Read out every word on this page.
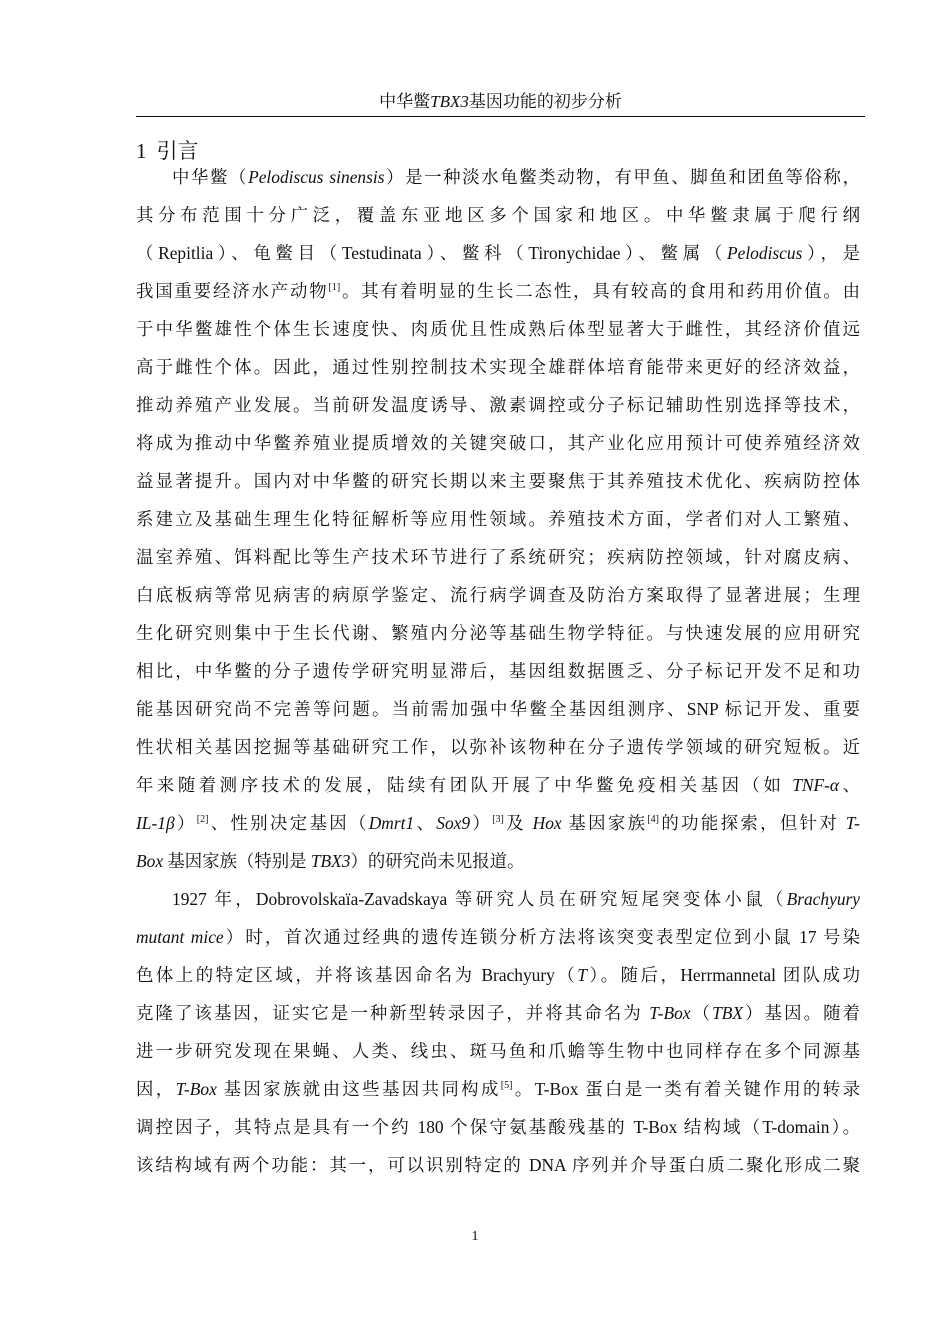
中华鳖TBX3基因功能的初步分析
1 引言
中华鳖（Pelodiscus sinensis）是一种淡水龟鳖类动物，有甲鱼、脚鱼和团鱼等俗称，
其分布范围十分广泛，覆盖东亚地区多个国家和地区。中华鳖隶属于爬行纲
（Repitlia）、龟鳖目（Testudinata）、鳖科（Tironychidae）、鳖属（Pelodiscus），是
我国重要经济水产动物[1]。其有着明显的生长二态性，具有较高的食用和药用价值。由
于中华鳖雄性个体生长速度快、肉质优且性成熟后体型显著大于雌性，其经济价值远
高于雌性个体。因此，通过性别控制技术实现全雄群体培育能带来更好的经济效益，
推动养殖产业发展。当前研发温度诱导、激素调控或分子标记辅助性别选择等技术，
将成为推动中华鳖养殖业提质增效的关键突破口，其产业化应用预计可使养殖经济效
益显著提升。国内对中华鳖的研究长期以来主要聚焦于其养殖技术优化、疾病防控体
系建立及基础生理生化特征解析等应用性领域。养殖技术方面，学者们对人工繁殖、
温室养殖、饵料配比等生产技术环节进行了系统研究；疾病防控领域，针对腐皮病、
白底板病等常见病害的病原学鉴定、流行病学调查及防治方案取得了显著进展；生理
生化研究则集中于生长代谢、繁殖内分泌等基础生物学特征。与快速发展的应用研究
相比，中华鳖的分子遗传学研究明显滞后，基因组数据匮乏、分子标记开发不足和功
能基因研究尚不完善等问题。当前需加强中华鳖全基因组测序、SNP 标记开发、重要
性状相关基因挖掘等基础研究工作，以弥补该物种在分子遗传学领域的研究短板。近
年来随着测序技术的发展，陆续有团队开展了中华鳖免疫相关基因（如 TNF-α、
IL-1β）[2]、性别决定基因（Dmrt1、Sox9）[3]及 Hox 基因家族[4]的功能探索，但针对 T-
Box 基因家族（特别是 TBX3）的研究尚未见报道。
1927 年，Dobrovolskaïa-Zavadskaya 等研究人员在研究短尾突变体小鼠（Brachyury
mutant mice）时，首次通过经典的遗传连锁分析方法将该突变表型定位到小鼠 17 号染
色体上的特定区域，并将该基因命名为 Brachyury（T）。随后，Herrmannetal 团队成功
克隆了该基因，证实它是一种新型转录因子，并将其命名为 T-Box（TBX）基因。随着
进一步研究发现在果蝇、人类、线虫、斑马鱼和爪蟾等生物中也同样存在多个同源基
因，T-Box 基因家族就由这些基因共同构成[5]。T-Box 蛋白是一类有着关键作用的转录
调控因子，其特点是具有一个约 180 个保守氨基酸残基的 T-Box 结构域（T-domain）。
该结构域有两个功能：其一，可以识别特定的 DNA 序列并介导蛋白质二聚化形成二聚
1
